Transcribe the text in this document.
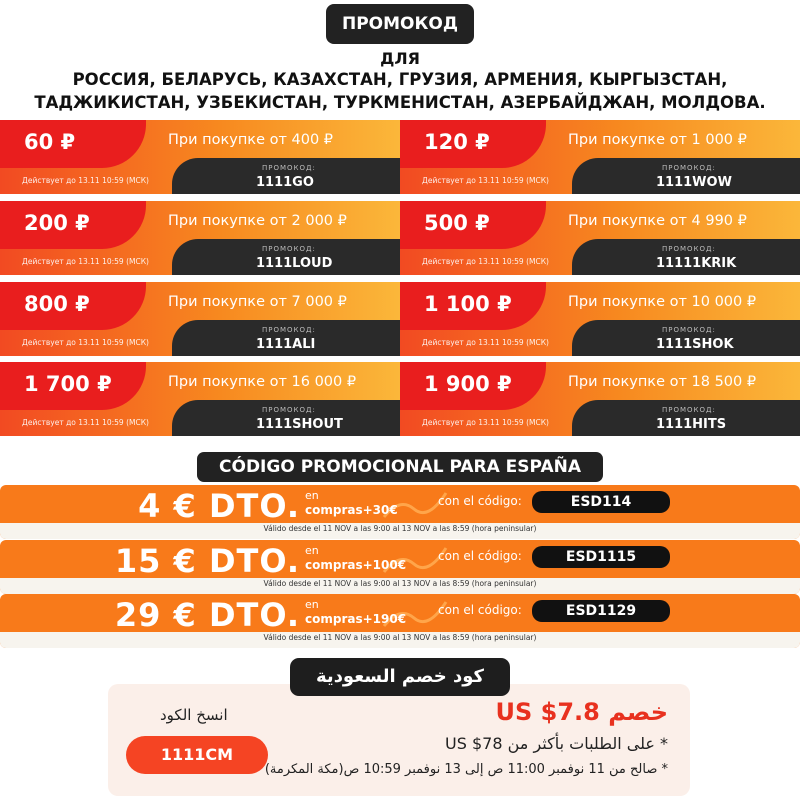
ПРОМОКОД
ДЛЯ
РОССИЯ, БЕЛАРУСЬ, КАЗАХСТАН, ГРУЗИЯ, АРМЕНИЯ, КЫРГЫЗСТАН,
ТАДЖИКИСТАН, УЗБЕКИСТАН, ТУРКМЕНИСТАН, АЗЕРБАЙДЖАН, МОЛДОВА.
60 ₽	При покупке от 400 ₽
Действует до 13.11 10:59 (МСК)
ПРОМОКОД:
1111GO
120 ₽	При покупке от 1 000 ₽
Действует до 13.11 10:59 (МСК)
ПРОМОКОД:
1111WOW
200 ₽	При покупке от 2 000 ₽
Действует до 13.11 10:59 (МСК)
ПРОМОКОД:
1111LOUD
500 ₽	При покупке от 4 990 ₽
Действует до 13.11 10:59 (МСК)
ПРОМОКОД:
11111KRIK
800 ₽	При покупке от 7 000 ₽
Действует до 13.11 10:59 (МСК)
ПРОМОКОД:
1111ALI
1 100 ₽	При покупке от 10 000 ₽
Действует до 13.11 10:59 (МСК)
ПРОМОКОД:
1111SHOK
1 700 ₽	При покупке от 16 000 ₽
Действует до 13.11 10:59 (МСК)
ПРОМОКОД:
1111SHOUT
1 900 ₽	При покупке от 18 500 ₽
Действует до 13.11 10:59 (МСК)
ПРОМОКОД:
1111HITS
CÓDIGO PROMOCIONAL PARA ESPAÑA
4 € DTO. en
compras+30€
con el código:	ESD114
Válido desde el 11 NOV a las 9:00 al 13 NOV a las 8:59 (hora peninsular)
15 € DTO. en
compras+100€
con el código:	ESD1115
Válido desde el 11 NOV a las 9:00 al 13 NOV a las 8:59 (hora peninsular)
29 € DTO. en
compras+190€
con el código:	ESD1129
Válido desde el 11 NOV a las 9:00 al 13 NOV a las 8:59 (hora peninsular)
كود خصم السعودية
انسخ الكود
1111CM
خصم US $7.8
* على الطلبات بأكثر من US $78
* صالح من 11 نوفمبر 11:00 ص إلى 13 نوفمبر 10:59 ص(مكة المكرمة)
